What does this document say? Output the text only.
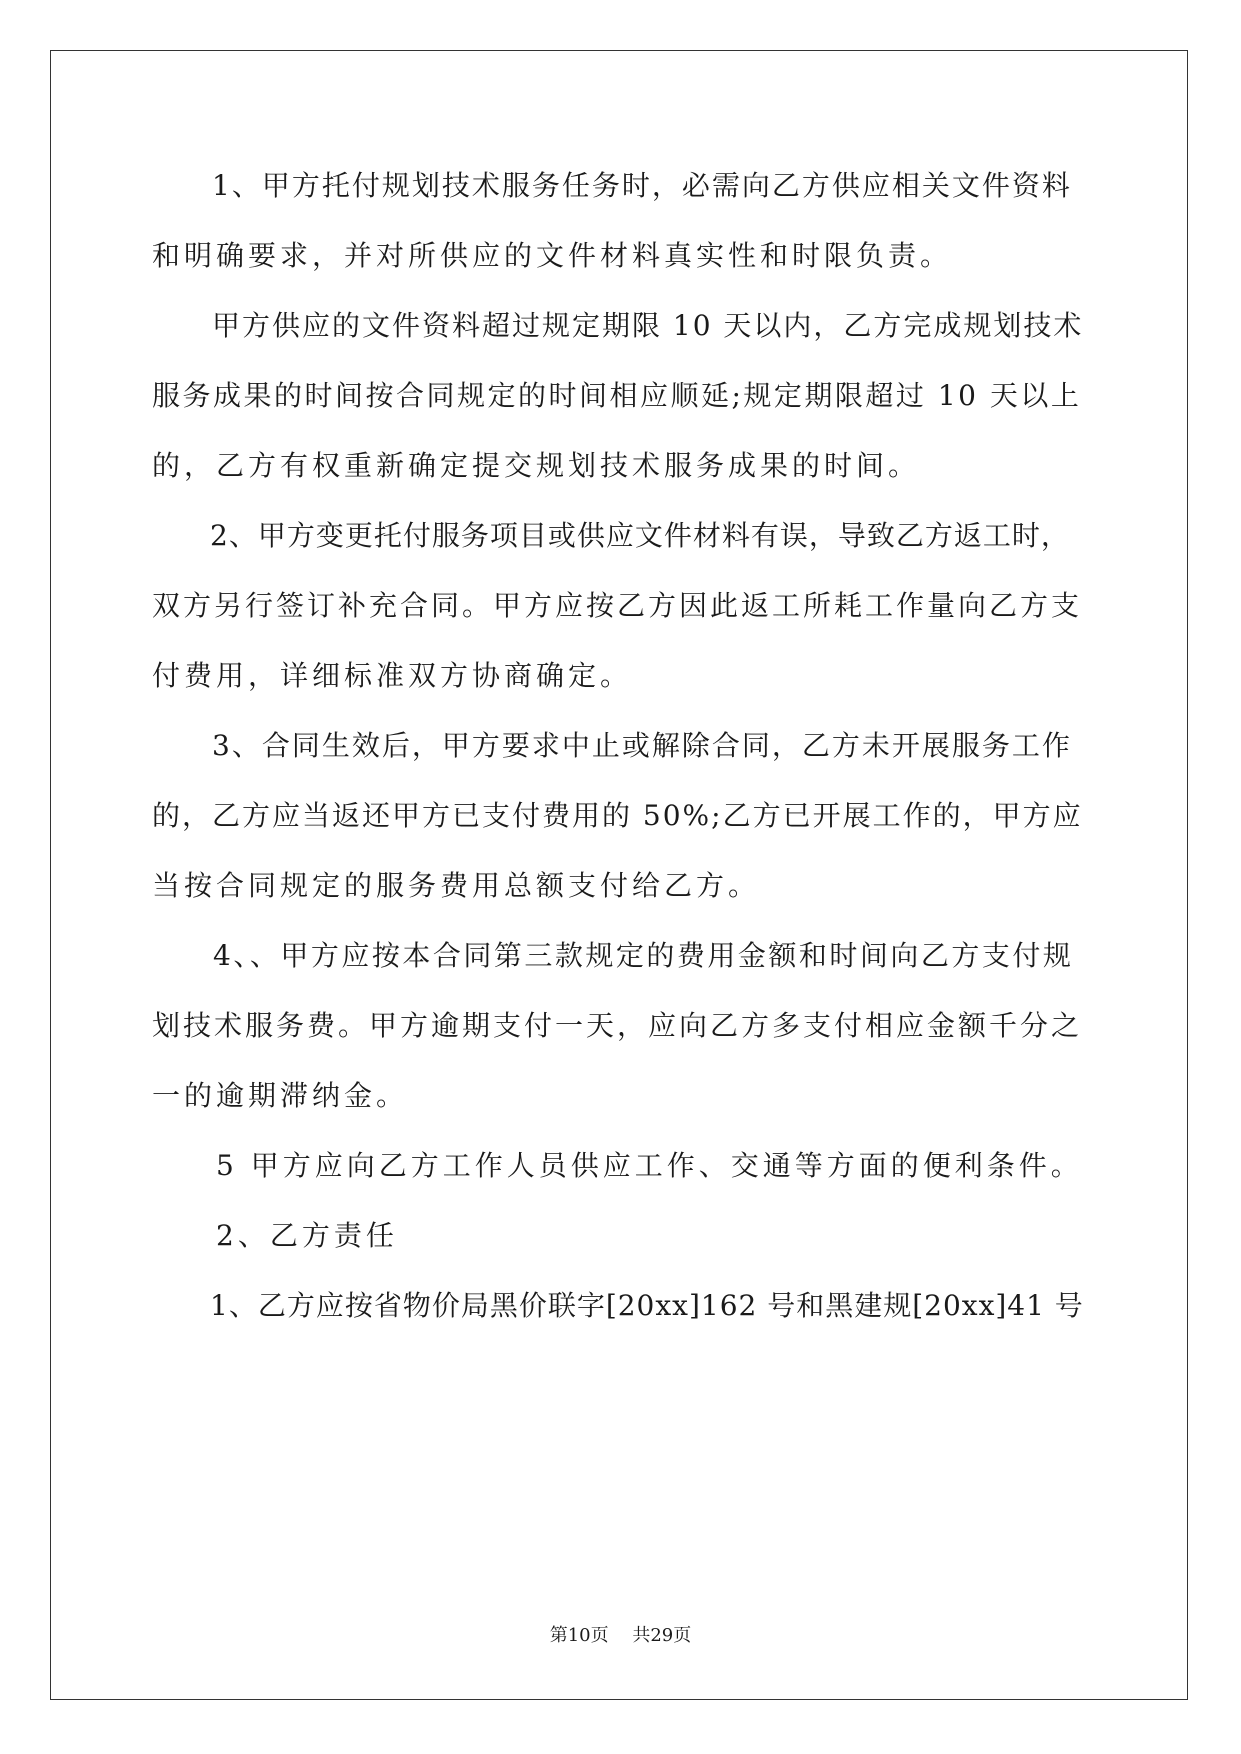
　　1、甲方托付规划技术服务任务时，必需向乙方供应相关文件资料
和明确要求，并对所供应的文件材料真实性和时限负责。
　　甲方供应的文件资料超过规定期限 10 天以内，乙方完成规划技术
服务成果的时间按合同规定的时间相应顺延;规定期限超过 10 天以上
的，乙方有权重新确定提交规划技术服务成果的时间。
　　2、甲方变更托付服务项目或供应文件材料有误，导致乙方返工时，
双方另行签订补充合同。甲方应按乙方因此返工所耗工作量向乙方支
付费用，详细标准双方协商确定。
　　3、合同生效后，甲方要求中止或解除合同，乙方未开展服务工作
的，乙方应当返还甲方已支付费用的 50%;乙方已开展工作的，甲方应
当按合同规定的服务费用总额支付给乙方。
　　4、、甲方应按本合同第三款规定的费用金额和时间向乙方支付规
划技术服务费。甲方逾期支付一天，应向乙方多支付相应金额千分之
一的逾期滞纳金。
　　5 甲方应向乙方工作人员供应工作、交通等方面的便利条件。
　　2、乙方责任
　　1、乙方应按省物价局黑价联字[20xx]162 号和黑建规[20xx]41 号
第10页　 共29页
